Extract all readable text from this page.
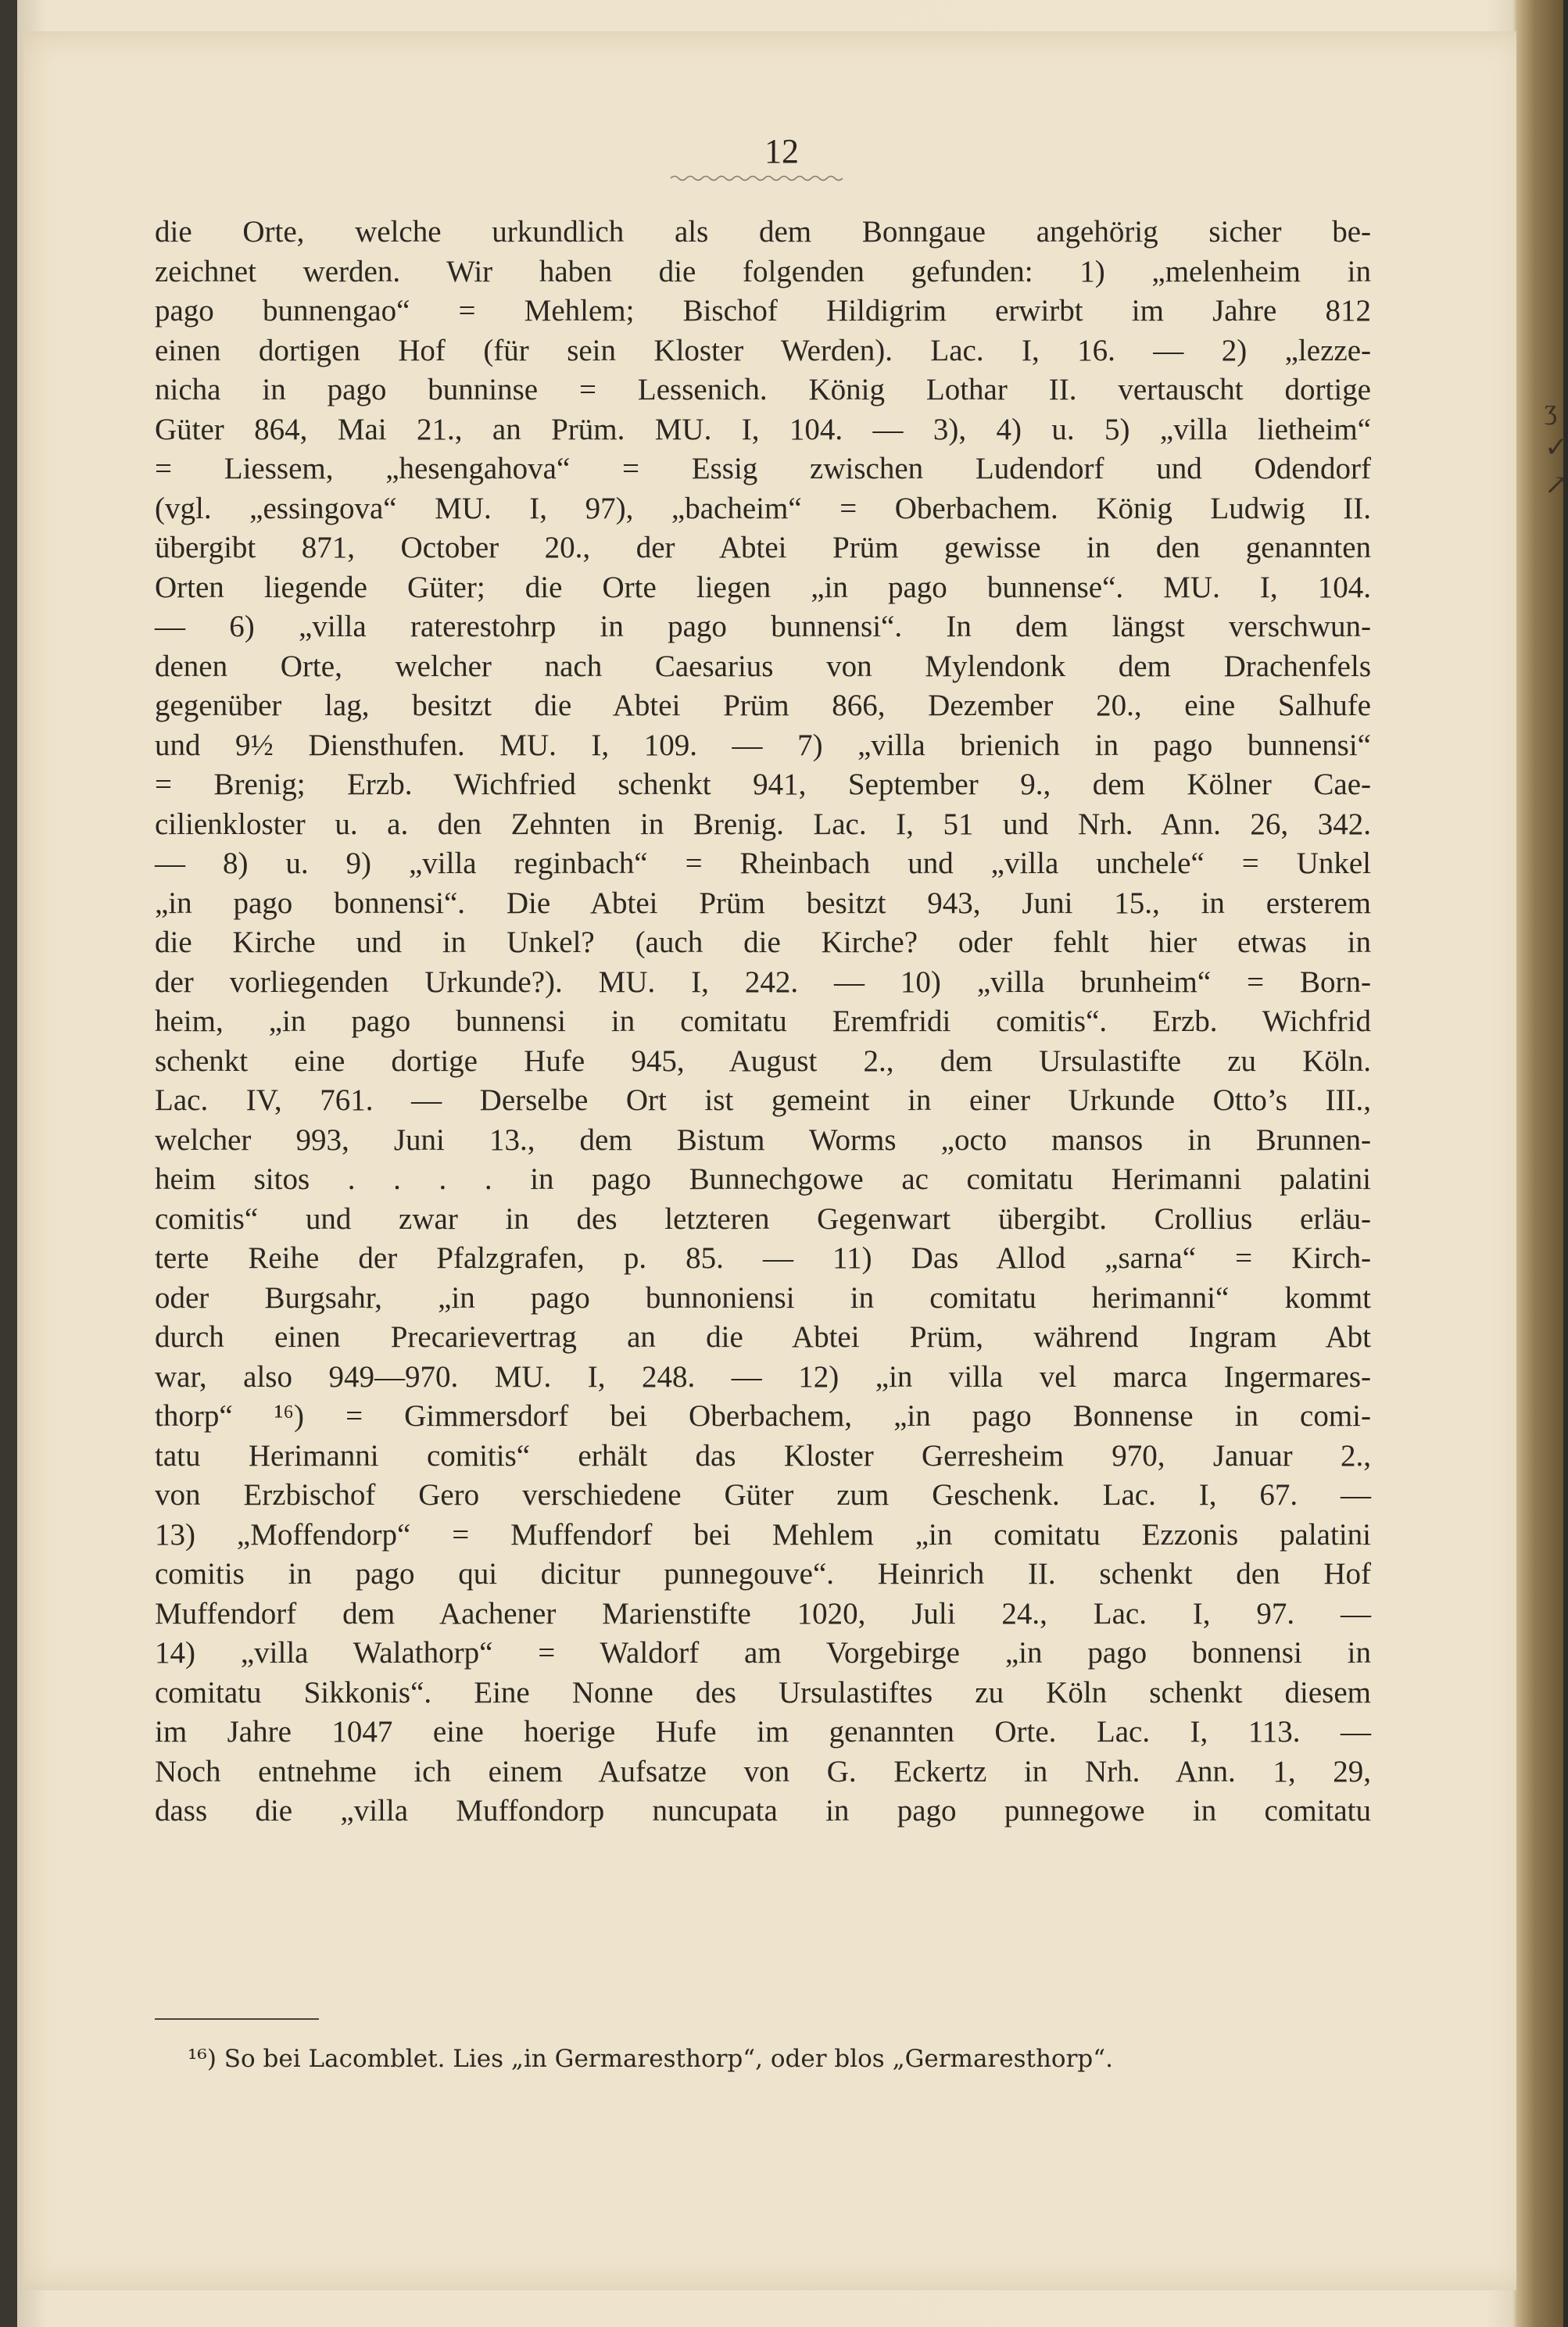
12
die Orte, welche urkundlich als dem Bonngaue angehörig sicher be-
zeichnet werden. Wir haben die folgenden gefunden: 1) „melenheim in
pago bunnengao“ = Mehlem; Bischof Hildigrim erwirbt im Jahre 812
einen dortigen Hof (für sein Kloster Werden). Lac. I, 16. — 2) „lezze-
nicha in pago bunninse = Lessenich. König Lothar II. vertauscht dortige
Güter 864, Mai 21., an Prüm. MU. I, 104. — 3), 4) u. 5) „villa lietheim“
= Liessem, „hesengahova“ = Essig zwischen Ludendorf und Odendorf
(vgl. „essingova“ MU. I, 97), „bacheim“ = Oberbachem. König Ludwig II.
übergibt 871, October 20., der Abtei Prüm gewisse in den genannten
Orten liegende Güter; die Orte liegen „in pago bunnense“. MU. I, 104.
— 6) „villa raterestohrp in pago bunnensi“. In dem längst verschwun-
denen Orte, welcher nach Caesarius von Mylendonk dem Drachenfels
gegenüber lag, besitzt die Abtei Prüm 866, Dezember 20., eine Salhufe
und 9½ Diensthufen. MU. I, 109. — 7) „villa brienich in pago bunnensi“
= Brenig; Erzb. Wichfried schenkt 941, September 9., dem Kölner Cae-
cilienkloster u. a. den Zehnten in Brenig. Lac. I, 51 und Nrh. Ann. 26, 342.
— 8) u. 9) „villa reginbach“ = Rheinbach und „villa unchele“ = Unkel
„in pago bonnensi“. Die Abtei Prüm besitzt 943, Juni 15., in ersterem
die Kirche und in Unkel? (auch die Kirche? oder fehlt hier etwas in
der vorliegenden Urkunde?). MU. I, 242. — 10) „villa brunheim“ = Born-
heim, „in pago bunnensi in comitatu Eremfridi comitis“. Erzb. Wichfrid
schenkt eine dortige Hufe 945, August 2., dem Ursulastifte zu Köln.
Lac. IV, 761. — Derselbe Ort ist gemeint in einer Urkunde Otto’s III.,
welcher 993, Juni 13., dem Bistum Worms „octo mansos in Brunnen-
heim sitos . . . . in pago Bunnechgowe ac comitatu Herimanni palatini
comitis“ und zwar in des letzteren Gegenwart übergibt. Crollius erläu-
terte Reihe der Pfalzgrafen, p. 85. — 11) Das Allod „sarna“ = Kirch-
oder Burgsahr, „in pago bunnoniensi in comitatu herimanni“ kommt
durch einen Precarievertrag an die Abtei Prüm, während Ingram Abt
war, also 949—970. MU. I, 248. — 12) „in villa vel marca Ingermares-
thorp“ ¹⁶) = Gimmersdorf bei Oberbachem, „in pago Bonnense in comi-
tatu Herimanni comitis“ erhält das Kloster Gerresheim 970, Januar 2.,
von Erzbischof Gero verschiedene Güter zum Geschenk. Lac. I, 67. —
13) „Moffendorp“ = Muffendorf bei Mehlem „in comitatu Ezzonis palatini
comitis in pago qui dicitur punnegouve“. Heinrich II. schenkt den Hof
Muffendorf dem Aachener Marienstifte 1020, Juli 24., Lac. I, 97. —
14) „villa Walathorp“ = Waldorf am Vorgebirge „in pago bonnensi in
comitatu Sikkonis“. Eine Nonne des Ursulastiftes zu Köln schenkt diesem
im Jahre 1047 eine hoerige Hufe im genannten Orte. Lac. I, 113. —
Noch entnehme ich einem Aufsatze von G. Eckertz in Nrh. Ann. 1, 29,
dass die „villa Muffondorp nuncupata in pago punnegowe in comitatu
¹⁶) So bei Lacomblet. Lies „in Germaresthorp“, oder blos „Germaresthorp“.
ʒ ✓ ↗
